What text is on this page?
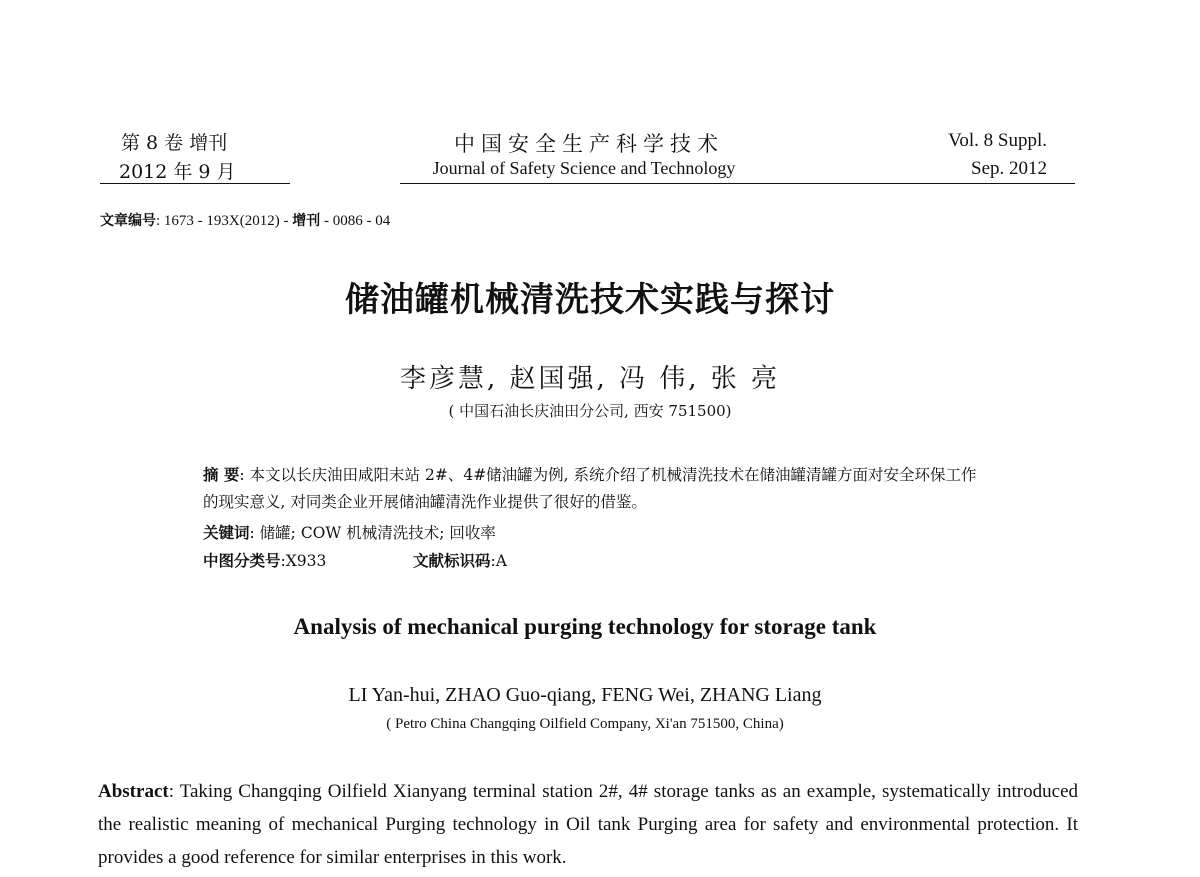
第 8 卷 增刊
2012 年 9 月
中国安全生产科学技术
Journal of Safety Science and Technology
Vol. 8 Suppl.
Sep. 2012
文章编号: 1673 - 193X(2012) - 增刊 - 0086 - 04
储油罐机械清洗技术实践与探讨
李彦慧, 赵国强, 冯 伟, 张 亮
( 中国石油长庆油田分公司, 西安 751500)
摘 要: 本文以长庆油田咸阳末站 2#、4#储油罐为例, 系统介绍了机械清洗技术在储油罐清罐方面对安全环保工作的现实意义, 对同类企业开展储油罐清洗作业提供了很好的借鉴。
关键词: 储罐; COW 机械清洗技术; 回收率
中图分类号:X933	文献标识码:A
Analysis of mechanical purging technology for storage tank
LI Yan-hui, ZHAO Guo-qiang, FENG Wei, ZHANG Liang
( Petro China Changqing Oilfield Company, Xi'an 751500, China)
Abstract: Taking Changqing Oilfield Xianyang terminal station 2#, 4# storage tanks as an example, systematically introduced the realistic meaning of mechanical Purging technology in Oil tank Purging area for safety and environmental protection. It provides a good reference for similar enterprises in this work.
